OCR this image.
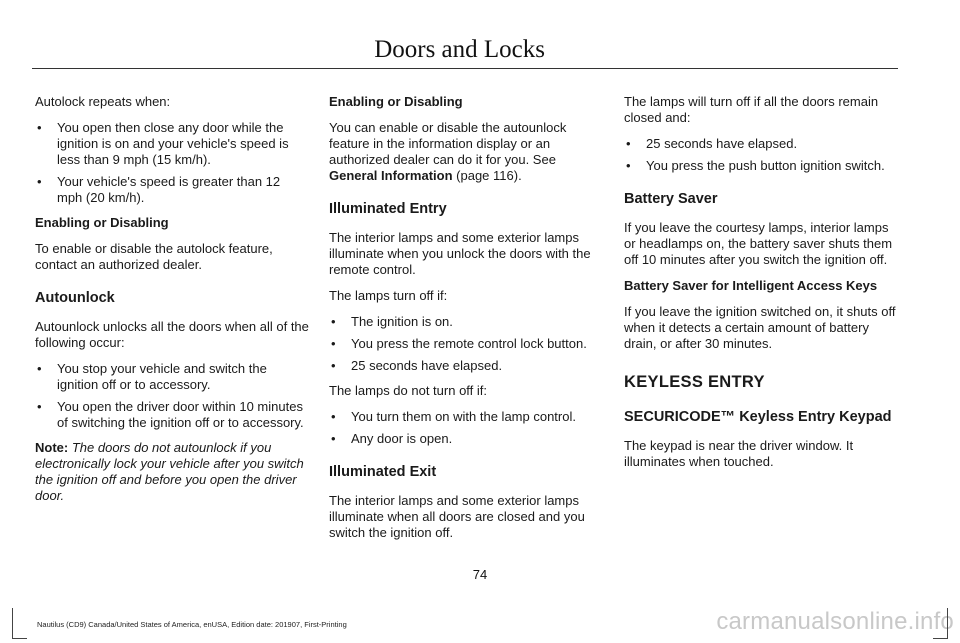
Doors and Locks

Autolock repeats when:

• You open then close any door while the ignition is on and your vehicle's speed is less than 9 mph (15 km/h).
• Your vehicle's speed is greater than 12 mph (20 km/h).

Enabling or Disabling

To enable or disable the autolock feature, contact an authorized dealer.

Autounlock

Autounlock unlocks all the doors when all of the following occur:

• You stop your vehicle and switch the ignition off or to accessory.
• You open the driver door within 10 minutes of switching the ignition off or to accessory.

Note: The doors do not autounlock if you electronically lock your vehicle after you switch the ignition off and before you open the driver door.

Enabling or Disabling

You can enable or disable the autounlock feature in the information display or an authorized dealer can do it for you. See General Information (page 116).

Illuminated Entry

The interior lamps and some exterior lamps illuminate when you unlock the doors with the remote control.

The lamps turn off if:

• The ignition is on.
• You press the remote control lock button.
• 25 seconds have elapsed.

The lamps do not turn off if:

• You turn them on with the lamp control.
• Any door is open.
Illuminated Exit

The interior lamps and some exterior lamps illuminate when all doors are closed and you switch the ignition off.

The lamps will turn off if all the doors remain closed and:

• 25 seconds have elapsed.
• You press the push button ignition switch.
Battery Saver

If you leave the courtesy lamps, interior lamps or headlamps on, the battery saver shuts them off 10 minutes after you switch the ignition off.

Battery Saver for Intelligent Access Keys

If you leave the ignition switched on, it shuts off when it detects a certain amount of battery drain, or after 30 minutes.

KEYLESS ENTRY
SECURICODE™ Keyless Entry Keypad

The keypad is near the driver window. It illuminates when touched.

74
Nautilus (CD9) Canada/United States of America, enUSA, Edition date: 201907, First-Printing	carmanualsonline.info
